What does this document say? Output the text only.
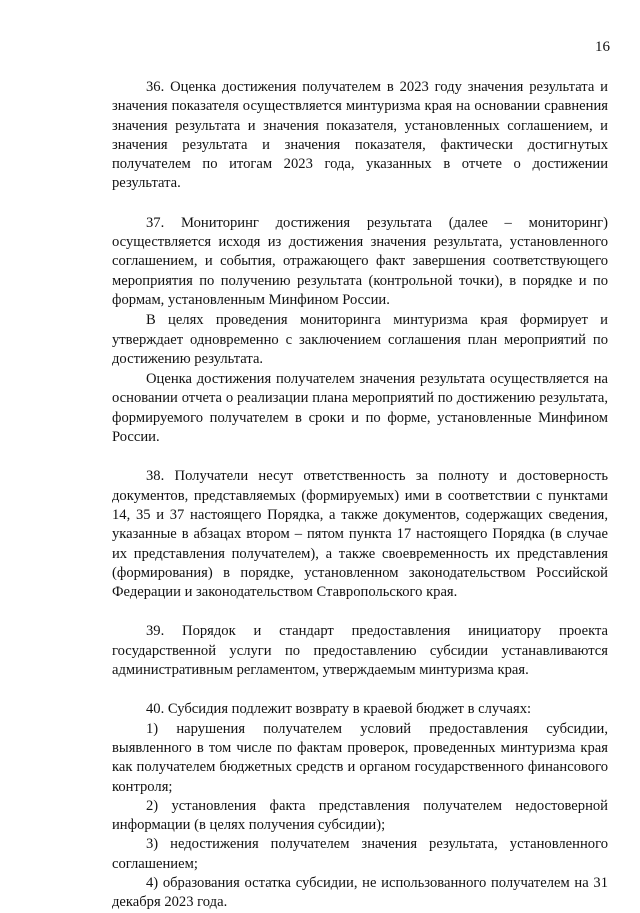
16

36. Оценка достижения получателем в 2023 году значения результата и значения показателя осуществляется минтуризма края на основании сравнения значения результата и значения показателя, установленных соглашением, и значения результата и значения показателя, фактически достигнутых получателем по итогам 2023 года, указанных в отчете о достижении результата.

37. Мониторинг достижения результата (далее – мониторинг) осуществляется исходя из достижения значения результата, установленного соглашением, и события, отражающего факт завершения соответствующего мероприятия по получению результата (контрольной точки), в порядке и по формам, установленным Минфином России.

В целях проведения мониторинга минтуризма края формирует и утверждает одновременно с заключением соглашения план мероприятий по достижению результата.

Оценка достижения получателем значения результата осуществляется на основании отчета о реализации плана мероприятий по достижению результата, формируемого получателем в сроки и по форме, установленные Минфином России.

38. Получатели несут ответственность за полноту и достоверность документов, представляемых (формируемых) ими в соответствии с пунктами 14, 35 и 37 настоящего Порядка, а также документов, содержащих сведения, указанные в абзацах втором – пятом пункта 17 настоящего Порядка (в случае их представления получателем), а также своевременность их представления (формирования) в порядке, установленном законодательством Российской Федерации и законодательством Ставропольского края.

39. Порядок и стандарт предоставления инициатору проекта государственной услуги по предоставлению субсидии устанавливаются административным регламентом, утверждаемым минтуризма края.

40. Субсидия подлежит возврату в краевой бюджет в случаях:

1) нарушения получателем условий предоставления субсидии, выявленного в том числе по фактам проверок, проведенных минтуризма края как получателем бюджетных средств и органом государственного финансового контроля;

2) установления факта представления получателем недостоверной информации (в целях получения субсидии);

3) недостижения получателем значения результата, установленного соглашением;

4) образования остатка субсидии, не использованного получателем на 31 декабря 2023 года.
